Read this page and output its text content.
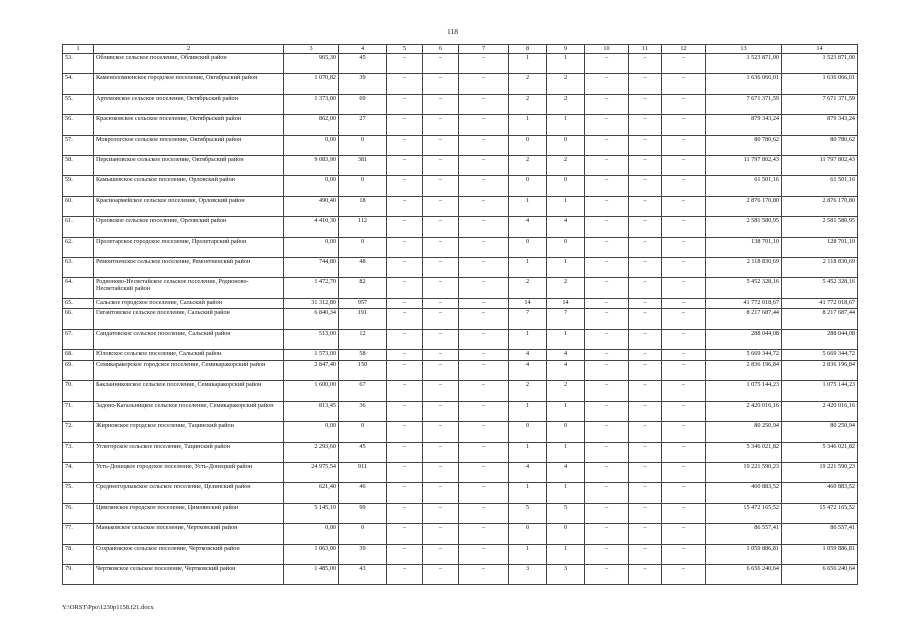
118
1	2	3	4	5	6	7	8	9	10	11	12	13	14
53.	Обливское сельское поселение, Обливский район	965,30	45	–	–	–	1	1	–	–	–	1 523 871,00	1 523 871,00
54.	Каменоломненское городское поселение, Октябрьский район	1 070,82	39	–	–	–	2	2	–	–	–	1 636 066,01	1 636 066,01
55.	Артемовское сельское поселение, Октябрьский район	1 373,00	69	–	–	–	2	2	–	–	–	7 671 371,59	7 671 371,59
56.	Красюковское сельское поселение, Октябрьский район	862,00	27	–	–	–	1	1	–	–	–	879 343,24	879 343,24
57.	Мокрологское сельское поселение, Октябрьский район	0,00	0	–	–	–	0	0	–	–	–	80 780,62	80 780,62
58.	Персиановское сельское поселение, Октябрьский район	9 083,90	381	–	–	–	2	2	–	–	–	11 797 802,43	11 797 802,43
59.	Камышевское сельское поселение, Орловский район	0,00	0	–	–	–	0	0	–	–	–	61 501,16	61 501,16
60.	Красноармейское сельское поселение, Орловский район	490,40	18	–	–	–	1	1	–	–	–	2 876 170,80	2 876 170,80
61.	Орловское сельское поселение, Орловский район	4 410,30	112	–	–	–	4	4	–	–	–	2 581 580,95	2 581 580,95
62.	Пролетарское городское поселение, Пролетарский район	0,00	0	–	–	–	0	0	–	–	–	138 701,10	128 701,10
63.	Ремонтненское сельское поселение, Ремонтненский район	744,80	48	–	–	–	1	1	–	–	–	2 118 830,69	2 118 830,69
64.	Родионово-Несветайское сельское поселение, Родионово-Несветайский район	1 472,70	82	–	–	–	2	2	–	–	–	5 452 328,16	5 452 328,16
65.	Сальское городское поселение, Сальский район	31 312,80	957	–	–	–	14	14	–	–	–	41 772 018,67	41 772 018,67
66.	Гигантовское сельское поселение, Сальский район	6 840,34	191	–	–	–	7	7	–	–	–	8 217 687,44	8 217 687,44
67.	Сандатовское сельское поселение, Сальский район	513,00	12	–	–	–	1	1	–	–	–	288 044,08	288 044,08
68.	Юловское сельское поселение, Сальский район	1 573,00	58	–	–	–	4	4	–	–	–	5 669 344,72	5 669 344,72
69.	Семикаракорское городское поселение, Семикаракорский район	2 847,40	150	–	–	–	4	4	–	–	–	2 836 196,84	2 836 196,84
70.	Бакланниковское сельское поселение, Семикаракорский район	1 600,00	67	–	–	–	2	2	–	–	–	1 075 144,23	1 075 144,23
71.	Задоно-Кагальницкое сельское поселение, Семикаракорский район	813,45	36	–	–	–	1	1	–	–	–	2 420 016,16	2 420 016,16
72.	Жирновское городское поселение, Тацинский район	0,00	0	–	–	–	0	0	–	–	–	80 250,94	80 250,94
73.	Углегорское сельское поселение, Тацинский район	2 293,60	45	–	–	–	1	1	–	–	–	5 346 021,82	5 346 021,82
74.	Усть-Донецкое городское поселение, Усть-Донецкий район	24 975,54	911	–	–	–	4	4	–	–	–	19 221 590,23	19 221 590,23
75.	Среднеегорлыкское сельское поселение, Целинский район	621,40	46	–	–	–	1	1	–	–	–	460 883,52	460 883,52
76.	Цимлянское городское поселение, Цимлянский район	5 145,10	99	–	–	–	5	5	–	–	–	15 472 165,52	15 472 165,52
77.	Маньковское сельское поселение, Чертковский район	0,00	0	–	–	–	0	0	–	–	–	86 557,41	86 557,41
78.	Сохрановское сельское поселение, Чертковский район	1 063,00	39	–	–	–	1	1	–	–	–	1 059 886,81	1 059 886,81
79.	Чертковское сельское поселение, Чертковский район	1 485,00	43	–	–	–	3	3	–	–	–	6 656 240,64	6 656 240,64
Y:\ORST\Ppo\1230p1158.f21.docx
